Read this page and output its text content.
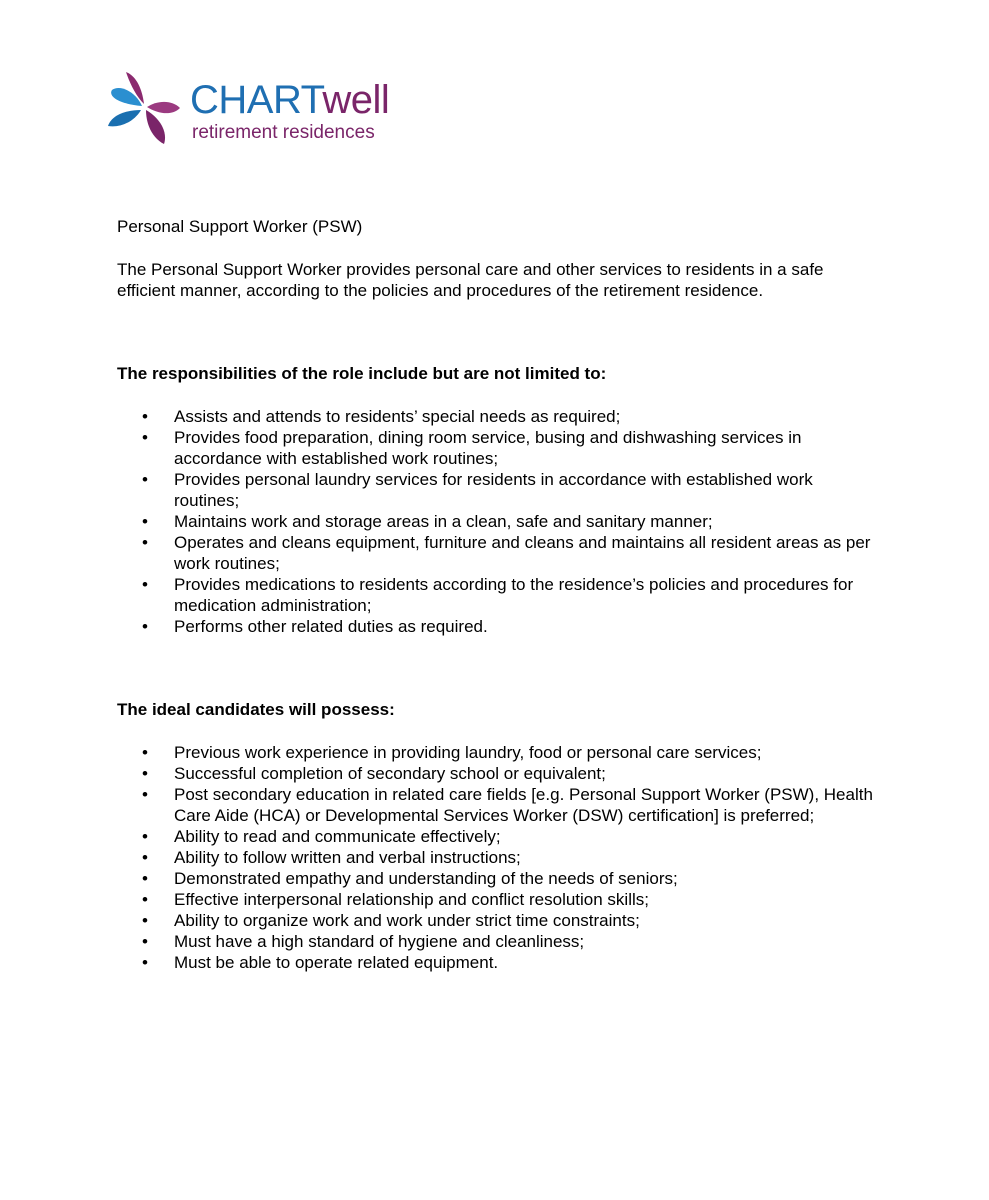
CHARTwell
retirement residences

Personal Support Worker (PSW)

The Personal Support Worker provides personal care and other services to residents in a safe efficient manner, according to the policies and procedures of the retirement residence.

The responsibilities of the role include but are not limited to:

• Assists and attends to residents’ special needs as required;
• Provides food preparation, dining room service, busing and dishwashing services in accordance with established work routines;
• Provides personal laundry services for residents in accordance with established work routines;
• Maintains work and storage areas in a clean, safe and sanitary manner;
• Operates and cleans equipment, furniture and cleans and maintains all resident areas as per work routines;
• Provides medications to residents according to the residence’s policies and procedures for medication administration;
• Performs other related duties as required.

The ideal candidates will possess:

• Previous work experience in providing laundry, food or personal care services;
• Successful completion of secondary school or equivalent;
• Post secondary education in related care fields [e.g. Personal Support Worker (PSW), Health Care Aide (HCA) or Developmental Services Worker (DSW) certification] is preferred;
• Ability to read and communicate effectively;
• Ability to follow written and verbal instructions;
• Demonstrated empathy and understanding of the needs of seniors;
• Effective interpersonal relationship and conflict resolution skills;
• Ability to organize work and work under strict time constraints;
• Must have a high standard of hygiene and cleanliness;
• Must be able to operate related equipment.
